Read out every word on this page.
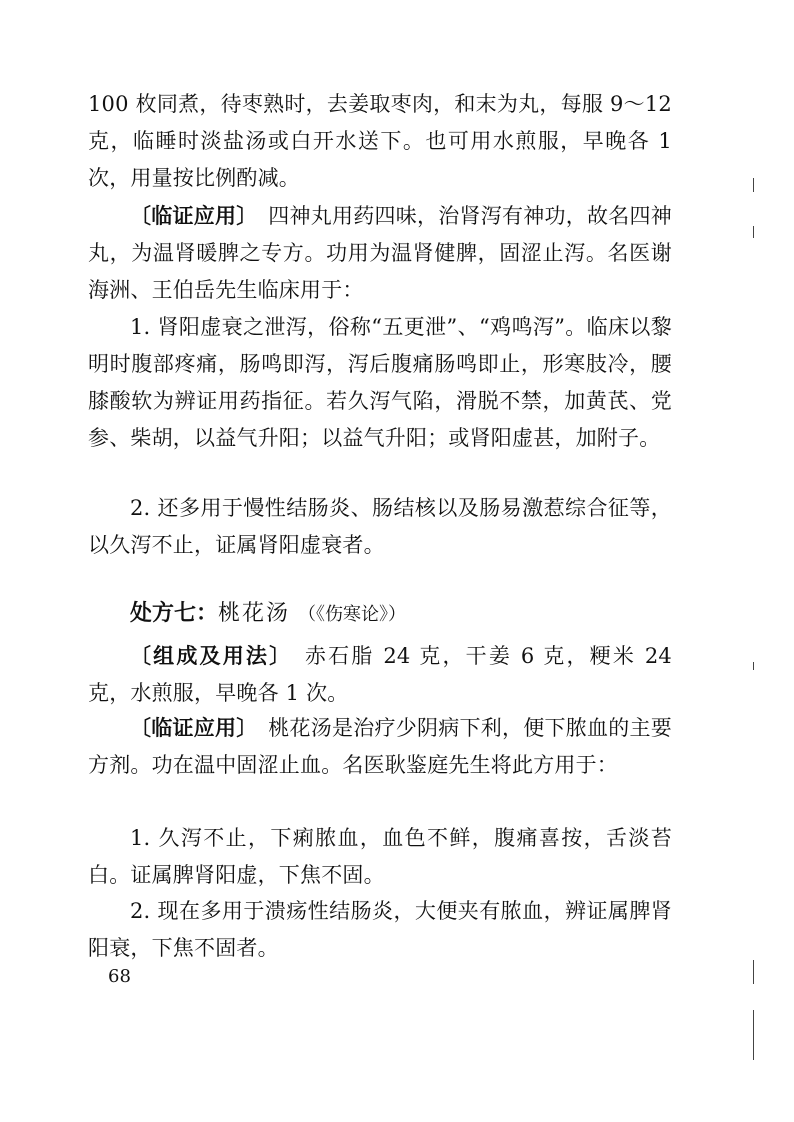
100 枚同煮，待枣熟时，去姜取枣肉，和末为丸，每服 9～12 克，临睡时淡盐汤或白开水送下。也可用水煎服，早晚各 1 次，用量按比例酌减。

〔临证应用〕　四神丸用药四味，治肾泻有神功，故名四神丸，为温肾暖脾之专方。功用为温肾健脾，固涩止泻。名医谢海洲、王伯岳先生临床用于：

1. 肾阳虚衰之泄泻，俗称“五更泄”、“鸡鸣泻”。临床以黎明时腹部疼痛，肠鸣即泻，泻后腹痛肠鸣即止，形寒肢冷，腰膝酸软为辨证用药指征。若久泻气陷，滑脱不禁，加黄芪、党参、柴胡，以益气升阳；以益气升阳；或肾阳虚甚，加附子。

2. 还多用于慢性结肠炎、肠结核以及肠易激惹综合征等，以久泻不止，证属肾阳虚衰者。

处方七：桃花汤 （《伤寒论》）

〔组成及用法〕　赤石脂 24 克，干姜 6 克，粳米 24 克，水煎服，早晚各 1 次。

〔临证应用〕　桃花汤是治疗少阴病下利，便下脓血的主要方剂。功在温中固涩止血。名医耿鉴庭先生将此方用于：

1. 久泻不止，下痢脓血，血色不鲜，腹痛喜按，舌淡苔白。证属脾肾阳虚，下焦不固。

2. 现在多用于溃疡性结肠炎，大便夹有脓血，辨证属脾肾阳衰，下焦不固者。

68
